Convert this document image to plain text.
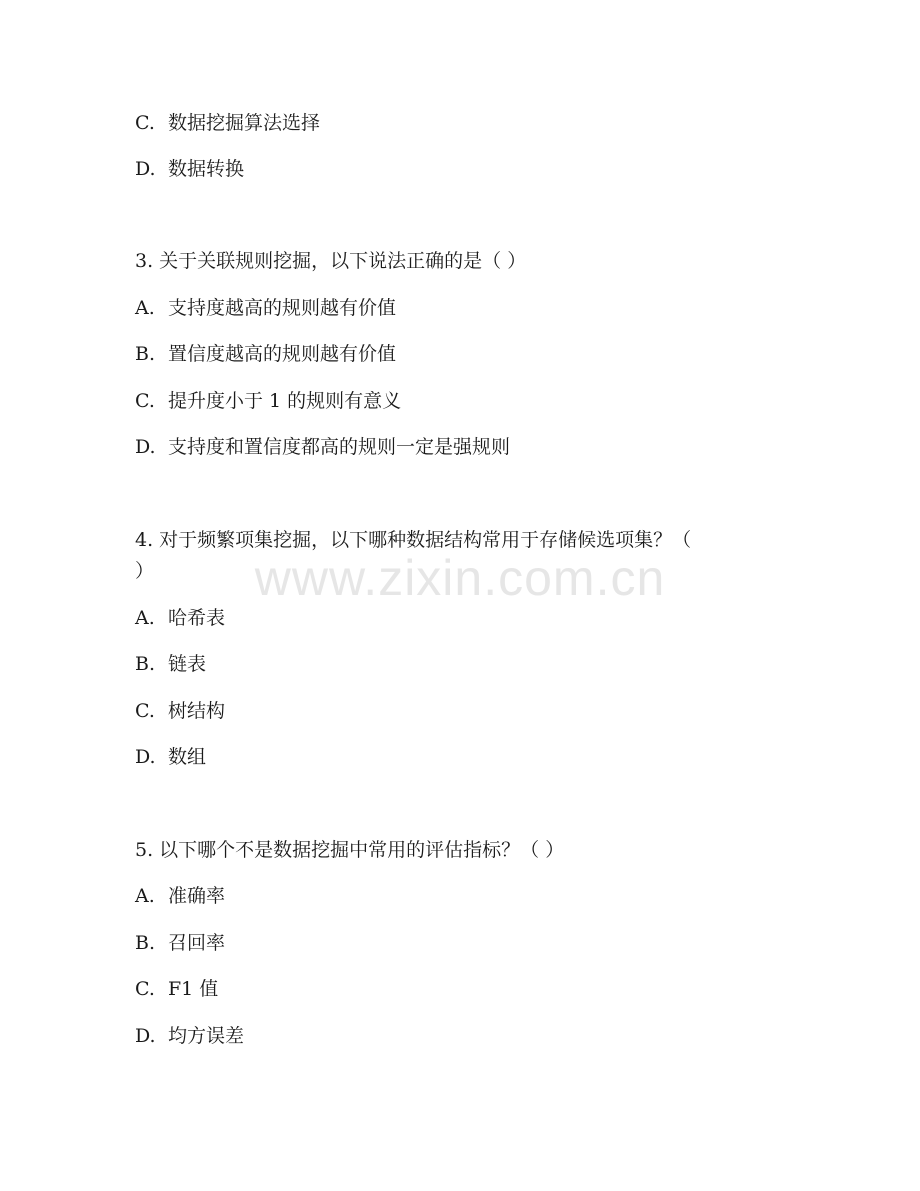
www.zixin.com.cn
C. 数据挖掘算法选择
D. 数据转换
3. 关于关联规则挖掘，以下说法正确的是（ ）
A. 支持度越高的规则越有价值
B. 置信度越高的规则越有价值
C. 提升度小于 1 的规则有意义
D. 支持度和置信度都高的规则一定是强规则
4. 对于频繁项集挖掘，以下哪种数据结构常用于存储候选项集？（
）
A. 哈希表
B. 链表
C. 树结构
D. 数组
5. 以下哪个不是数据挖掘中常用的评估指标？（ ）
A. 准确率
B. 召回率
C. F1 值
D. 均方误差
